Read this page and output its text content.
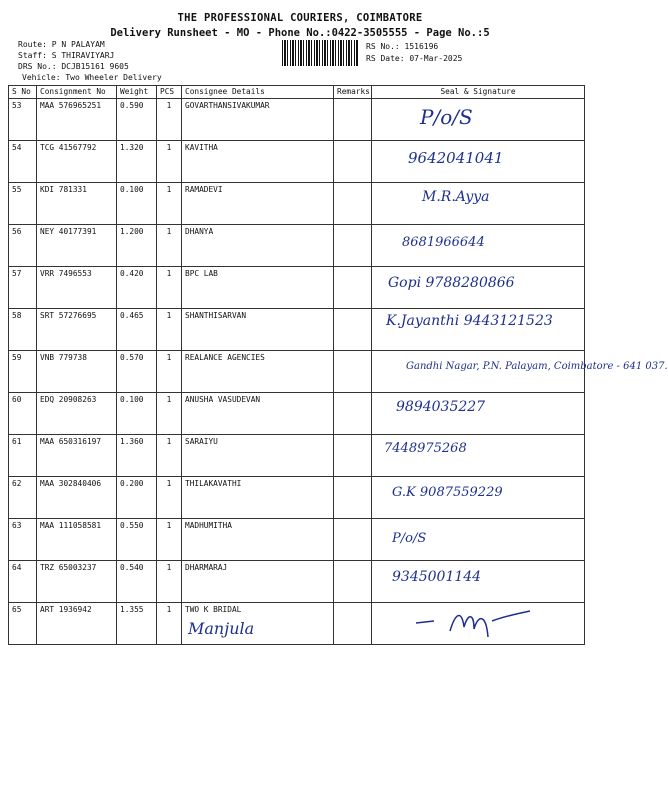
THE PROFESSIONAL COURIERS, COIMBATORE
Delivery Runsheet - MO - Phone No.:0422-3505555 - Page No.:5
Route: P N PALAYAM
Staff: S THIRAVIYARJ
DRS No.: DCJB15161 9605
Vehicle: Two Wheeler Delivery
RS No.: 1516196
RS Date: 07-Mar-2025
S No	Consignment No	Weight	PCS	Consignee Details	Remarks	Seal & Signature
53	MAA 576965251	0.590	1	GOVARTHANSIVAKUMAR		P/o/S

54	TCG 41567792	1.320	1	KAVITHA		9642041041

55	KDI 781331	0.100	1	RAMADEVI		M.R.Ayya

56	NEY 40177391	1.200	1	DHANYA		8681966644

57	VRR 7496553	0.420	1	BPC LAB		Gopi 9788280866

58	SRT 57276695	0.465	1	SHANTHISARVAN		K.Jayanthi 9443121523

59	VNB 779738	0.570	1	REALANCE AGENCIES		Gandhi Nagar, P.N. Palayam, Coimbatore - 641 037.

60	EDQ 20908263	0.100	1	ANUSHA VASUDEVAN		9894035227

61	MAA 650316197	1.360	1	SARAIYU		7448975268

62	MAA 302840406	0.200	1	THILAKAVATHI		G.K 9087559229

63	MAA 111058581	0.550	1	MADHUMITHA		P/o/S

64	TRZ 65003237	0.540	1	DHARMARAJ		9345001144

65	ART 1936942	1.355	1	TWO K BRIDAL
Manjula
